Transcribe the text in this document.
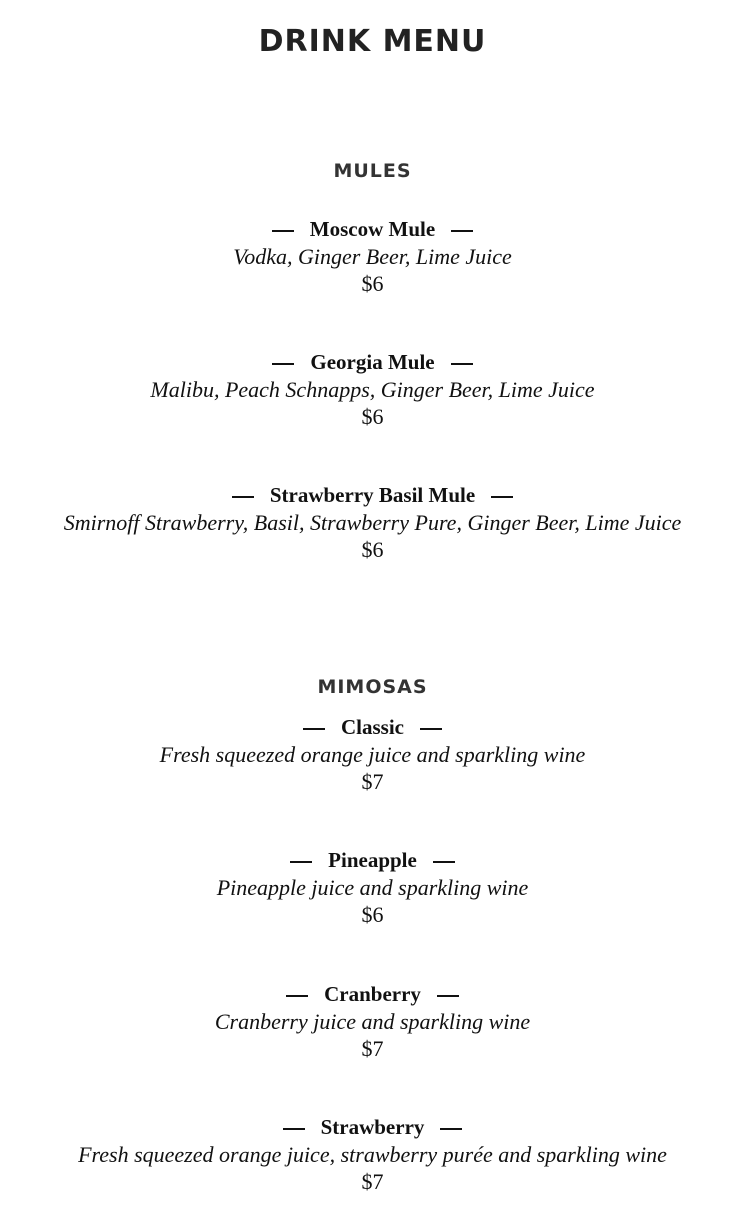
DRINK MENU
MULES
Moscow Mule
Vodka, Ginger Beer, Lime Juice
$6
Georgia Mule
Malibu, Peach Schnapps, Ginger Beer, Lime Juice
$6
Strawberry Basil Mule
Smirnoff Strawberry, Basil, Strawberry Pure, Ginger Beer, Lime Juice
$6
MIMOSAS
Classic
Fresh squeezed orange juice and sparkling wine
$7
Pineapple
Pineapple juice and sparkling wine
$6
Cranberry
Cranberry juice and sparkling wine
$7
Strawberry
Fresh squeezed orange juice, strawberry purée and sparkling wine
$7
